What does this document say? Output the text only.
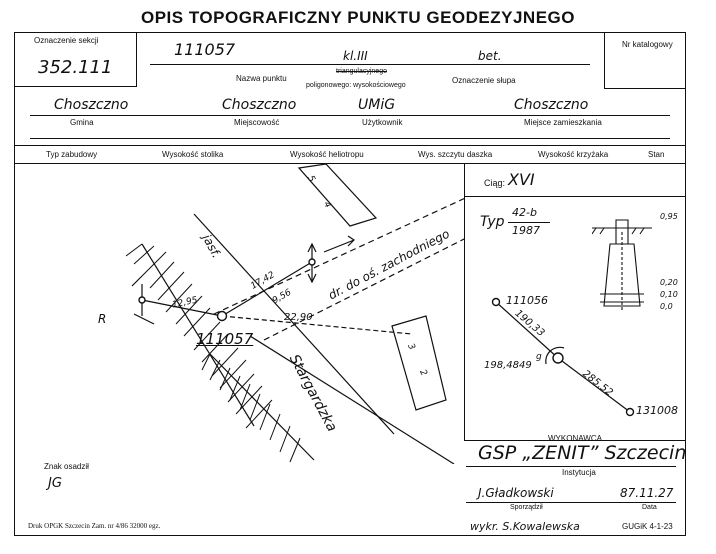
OPIS TOPOGRAFICZNY PUNKTU GEODEZYJNEGO
Oznaczenie sekcji
352.111
111057	kl.III	bet.
Nr katalogowy
Nazwa punktu
triangulacyjnego
poligonowego: wysokościowego
Oznaczenie słupa
Choszczno	Choszczno	UMiG	Choszczno
Gmina	Miejscowość	Użytkownik	Miejsce zamieszkania
Typ zabudowy	Wysokość stolika	Wysokość heliotropu	Wys. szczytu daszka	Wysokość krzyżaka	Stan
R
111057
12,95
17,42
9,56
22,90
jasf.
Stargardzka
dr. do oś. zachodniego
5
4
3
2
Ciąg: XVI
Typ
42-b
1987
0,95
0,20
0,10
0,0
111056
190,33
198,4849
g
285,52
131008
WYKONAWCA
GSP „ZENIT” Szczecin
Instytucja
J.Gładkowski	87.11.27
Sporządził	Data
Znak osadził
JG
Druk OPGK Szczecin Zam. nr 4/86 32000 egz.	wykr. S.Kowalewska	GUGiK 4-1-23
